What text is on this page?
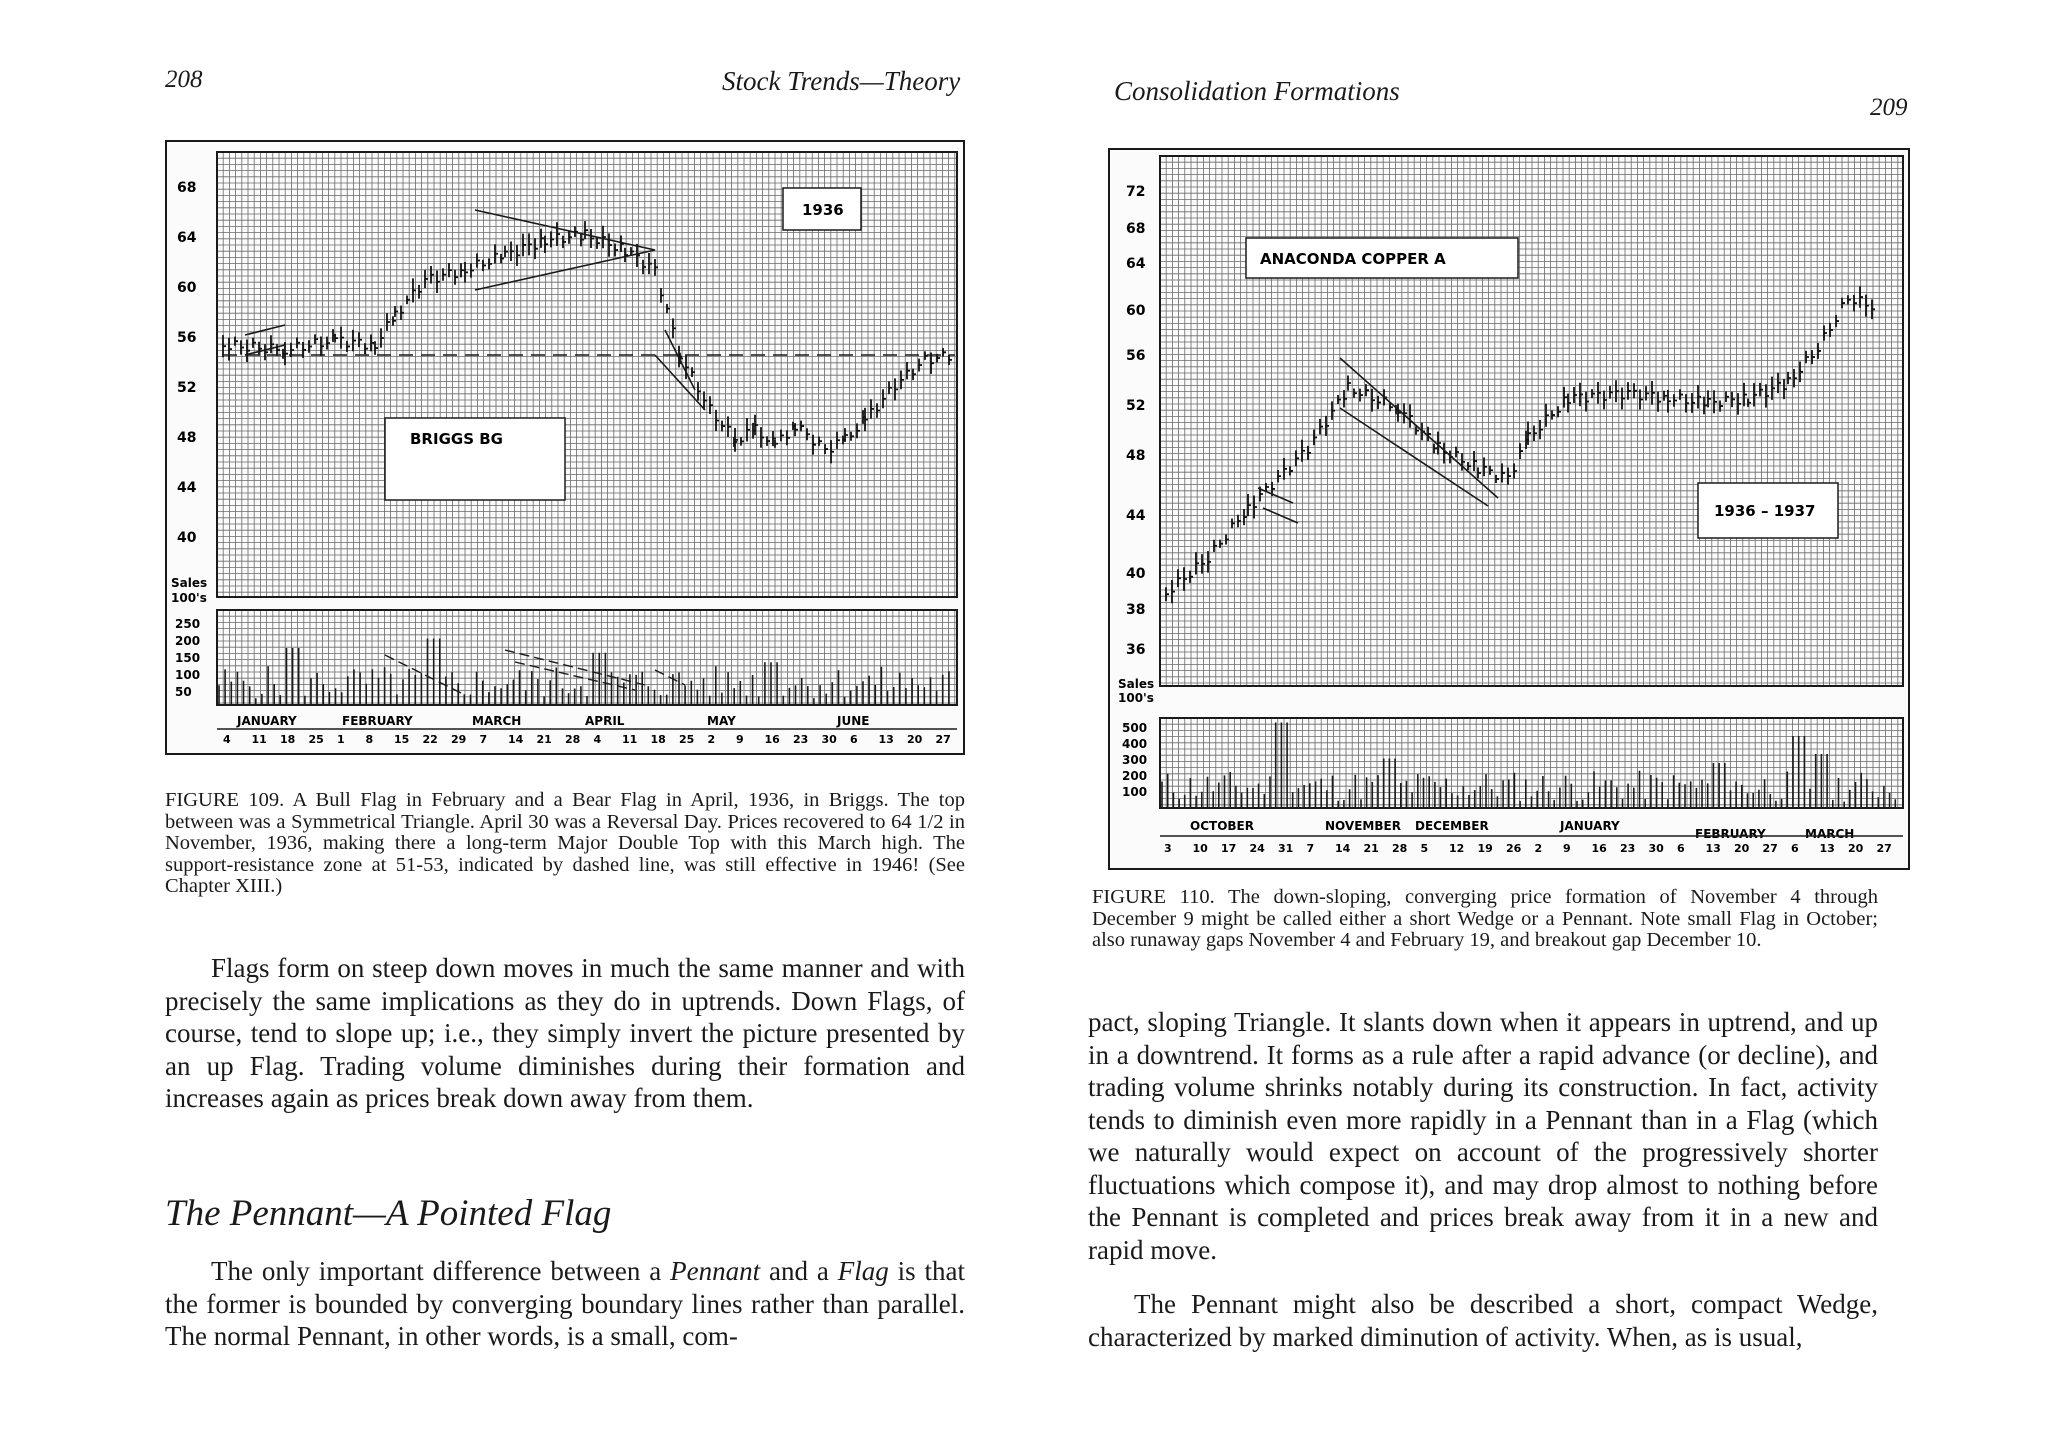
208	Stock Trends—Theory
68
64
60
56
52
48
44
40
Sales
100's
250
200
150
100
50
JANUARY	FEBRUARY	MARCH	APRIL	MAY	JUNE
4 11 18 25 1 8 15 22 29 7 14 21 28 4 11 18 25 2 9 16 23 30 6 13 20 27
1936
BRIGGS BG
FIGURE 109. A Bull Flag in February and a Bear Flag in April, 1936, in Briggs. The top between was a Symmetrical Triangle. April 30 was a Reversal Day. Prices recovered to 64 1/2 in November, 1936, making there a long-term Major Double Top with this March high. The support-resistance zone at 51-53, indicated by dashed line, was still effective in 1946! (See Chapter XIII.)

Flags form on steep down moves in much the same manner and with precisely the same implications as they do in uptrends. Down Flags, of course, tend to slope up; i.e., they simply invert the picture presented by an up Flag. Trading volume diminishes during their formation and increases again as prices break down away from them.

The Pennant—A Pointed Flag

The only important difference between a Pennant and a Flag is that the former is bounded by converging boundary lines rather than parallel. The normal Pennant, in other words, is a small, com-

Consolidation Formations
209
72
68
64
60
56
52
48
44
40
38
36
Sales
100's
500
400
300
200
100
OCTOBER	NOVEMBER DECEMBER	JANUARY
FEBRUARY	MARCH
3 10 17 24 31 7 14 21 28 5 12 19 26 2 9 16 23 30 6 13 20 27 6 13 20 27
ANACONDA COPPER A
1936 – 1937
FIGURE 110. The down-sloping, converging price formation of November 4 through December 9 might be called either a short Wedge or a Pennant. Note small Flag in October; also runaway gaps November 4 and February 19, and breakout gap December 10.

pact, sloping Triangle. It slants down when it appears in uptrend, and up in a downtrend. It forms as a rule after a rapid advance (or decline), and trading volume shrinks notably during its construction. In fact, activity tends to diminish even more rapidly in a Pennant than in a Flag (which we naturally would expect on account of the progressively shorter fluctuations which compose it), and may drop almost to nothing before the Pennant is completed and prices break away from it in a new and rapid move.

The Pennant might also be described a short, compact Wedge, characterized by marked diminution of activity. When, as is usual,
